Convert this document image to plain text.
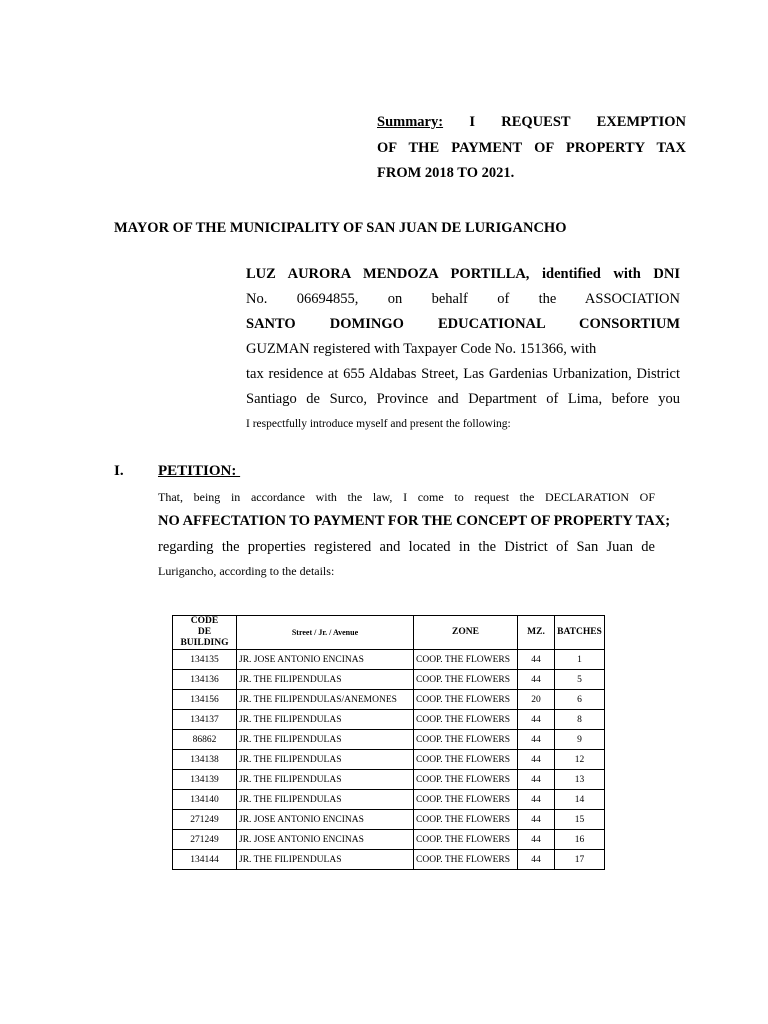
Summary: I REQUEST EXEMPTION
OF THE PAYMENT OF PROPERTY TAX
FROM 2018 TO 2021.
MAYOR OF THE MUNICIPALITY OF SAN JUAN DE LURIGANCHO
LUZ AURORA MENDOZA PORTILLA, identified with DNI
No. 06694855, on behalf of the ASSOCIATION
SANTO DOMINGO EDUCATIONAL CONSORTIUM
GUZMAN registered with Taxpayer Code No. 151366, with
tax residence at 655 Aldabas Street, Las Gardenias Urbanization, District
Santiago de Surco, Province and Department of Lima, before you
I respectfully introduce myself and present the following:
I. PETITION:
That, being in accordance with the law, I come to request the DECLARATION OF
NO AFFECTATION TO PAYMENT FOR THE CONCEPT OF PROPERTY TAX;
regarding the properties registered and located in the District of San Juan de
Lurigancho, according to the details:
CODE
DE
BUILDING	Street / Jr. / Avenue	ZONE	MZ.	BATCHES
134135	JR. JOSE ANTONIO ENCINAS	COOP. THE FLOWERS	44	1
134136	JR. THE FILIPENDULAS	COOP. THE FLOWERS	44	5
134156	JR. THE FILIPENDULAS/ANEMONES	COOP. THE FLOWERS	20	6
134137	JR. THE FILIPENDULAS	COOP. THE FLOWERS	44	8
86862	JR. THE FILIPENDULAS	COOP. THE FLOWERS	44	9
134138	JR. THE FILIPENDULAS	COOP. THE FLOWERS	44	12
134139	JR. THE FILIPENDULAS	COOP. THE FLOWERS	44	13
134140	JR. THE FILIPENDULAS	COOP. THE FLOWERS	44	14
271249	JR. JOSE ANTONIO ENCINAS	COOP. THE FLOWERS	44	15
271249	JR. JOSE ANTONIO ENCINAS	COOP. THE FLOWERS	44	16
134144	JR. THE FILIPENDULAS	COOP. THE FLOWERS	44	17
